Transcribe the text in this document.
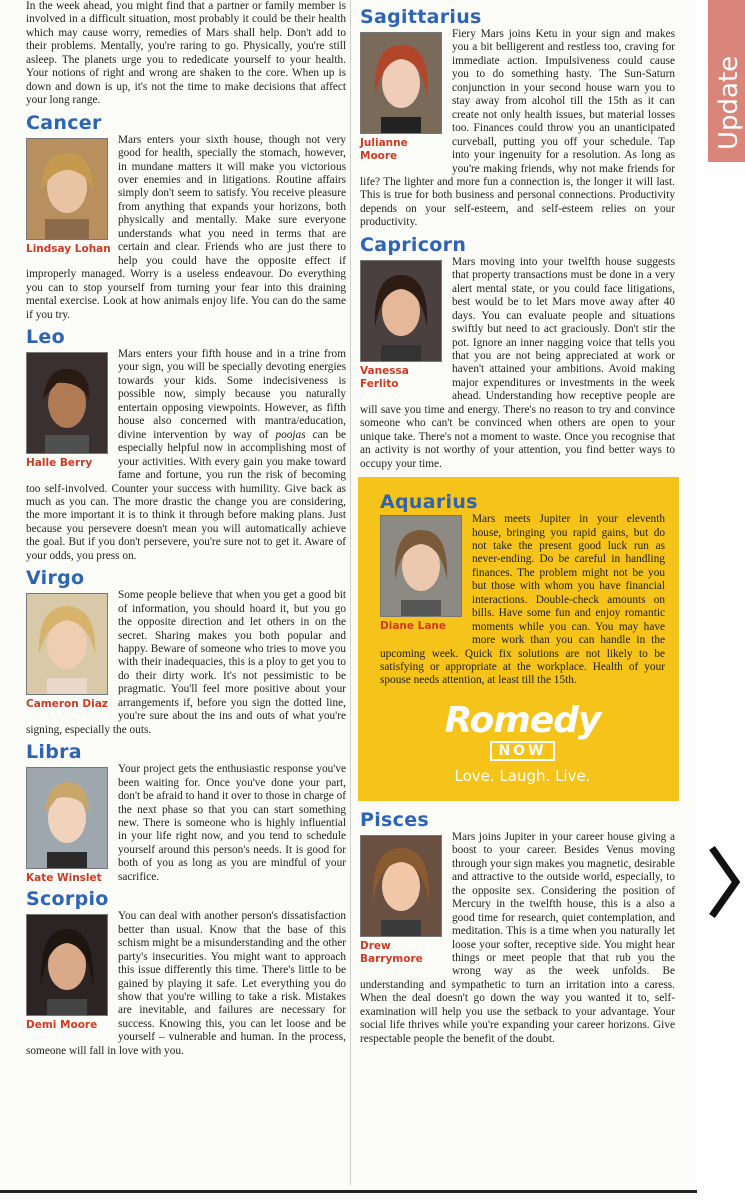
In the week ahead, you might find that a partner or family member is involved in a difficult situation, most probably it could be their health which may cause worry, remedies of Mars shall help. Don't add to their problems. Mentally, you're raring to go. Physically, you're still asleep. The planets urge you to rededicate yourself to your health. Your notions of right and wrong are shaken to the core. When up is down and down is up, it's not the time to make decisions that affect your long range.

Cancer
Lindsay Lohan

Mars enters your sixth house, though not very good for health, specially the stomach, however, in mundane matters it will make you victorious over enemies and in litigations. Routine affairs simply don't seem to satisfy. You receive pleasure from anything that expands your horizons, both physically and mentally. Make sure everyone understands what you need in terms that are certain and clear. Friends who are just there to help you could have the opposite effect if improperly managed. Worry is a useless endeavour. Do everything you can to stop yourself from turning your fear into this draining mental exercise. Look at how animals enjoy life. You can do the same if you try.

Leo
Halle Berry

Mars enters your fifth house and in a trine from your sign, you will be specially devoting energies towards your kids. Some indecisiveness is possible now, simply because you naturally entertain opposing viewpoints. However, as fifth house also concerned with mantra/education, divine intervention by way of poojas can be especially helpful now in accomplishing most of your activities. With every gain you make toward fame and fortune, you run the risk of becoming too self-involved. Counter your success with humility. Give back as much as you can. The more drastic the change you are considering, the more important it is to think it through before making plans. Just because you persevere doesn't mean you will automatically achieve the goal. But if you don't persevere, you're sure not to get it. Aware of your odds, you press on.

Virgo
Cameron Diaz

Some people believe that when you get a good bit of information, you should hoard it, but you go the opposite direction and let others in on the secret. Sharing makes you both popular and happy. Beware of someone who tries to move you with their inadequacies, this is a ploy to get you to do their dirty work. It's not pessimistic to be pragmatic. You'll feel more positive about your arrangements if, before you sign the dotted line, you're sure about the ins and outs of what you're signing, especially the outs.

Libra
Kate Winslet

Your project gets the enthusiastic response you've been waiting for. Once you've done your part, don't be afraid to hand it over to those in charge of the next phase so that you can start something new. There is someone who is highly influential in your life right now, and you tend to schedule yourself around this person's needs. It is good for both of you as long as you are mindful of your sacrifice.

Scorpio
Demi Moore

You can deal with another person's dissatisfaction better than usual. Know that the base of this schism might be a misunderstanding and the other party's insecurities. You might want to approach this issue differently this time. There's little to be gained by playing it safe. Let everything you do show that you're willing to take a risk. Mistakes are inevitable, and failures are necessary for success. Knowing this, you can let loose and be yourself – vulnerable and human. In the process, someone will fall in love with you.

Sagittarius
Julianne Moore

Fiery Mars joins Ketu in your sign and makes you a bit belligerent and restless too, craving for immediate action. Impulsiveness could cause you to do something hasty. The Sun-Saturn conjunction in your second house warn you to stay away from alcohol till the 15th as it can create not only health issues, but material losses too. Finances could throw you an unanticipated curveball, putting you off your schedule. Tap into your ingenuity for a resolution. As long as you're making friends, why not make friends for life? The lighter and more fun a connection is, the longer it will last. This is true for both business and personal connections. Productivity depends on your self-esteem, and self-esteem relies on your productivity.

Capricorn
Vanessa Ferlito

Mars moving into your twelfth house suggests that property transactions must be done in a very alert mental state, or you could face litigations, best would be to let Mars move away after 40 days. You can evaluate people and situations swiftly but need to act graciously. Don't stir the pot. Ignore an inner nagging voice that tells you that you are not being appreciated at work or haven't attained your ambitions. Avoid making major expenditures or investments in the week ahead. Understanding how receptive people are will save you time and energy. There's no reason to try and convince someone who can't be convinced when others are open to your unique take. There's not a moment to waste. Once you recognise that an activity is not worthy of your attention, you find better ways to occupy your time.

Aquarius
Diane Lane

Mars meets Jupiter in your eleventh house, bringing you rapid gains, but do not take the present good luck run as never-ending. Do be careful in handling finances. The problem might not be you but those with whom you have financial interactions. Double-check amounts on bills. Have some fun and enjoy romantic moments while you can. You may have more work than you can handle in the upcoming week. Quick fix solutions are not likely to be satisfying or appropriate at the workplace. Health of your spouse needs attention, at least till the 15th.

Romedy
NOW
Love. Laugh. Live.
Pisces
Drew Barrymore

Mars joins Jupiter in your career house giving a boost to your career. Besides Venus moving through your sign makes you magnetic, desirable and attractive to the outside world, especially, to the opposite sex. Considering the position of Mercury in the twelfth house, this is a also a good time for research, quiet contemplation, and meditation. This is a time when you naturally let loose your softer, receptive side. You might hear things or meet people that that rub you the wrong way as the week unfolds. Be understanding and sympathetic to turn an irritation into a caress. When the deal doesn't go down the way you wanted it to, self-examination will help you use the setback to your advantage. Your social life thrives while you're expanding your career horizons. Give respectable people the benefit of the doubt.

Update
